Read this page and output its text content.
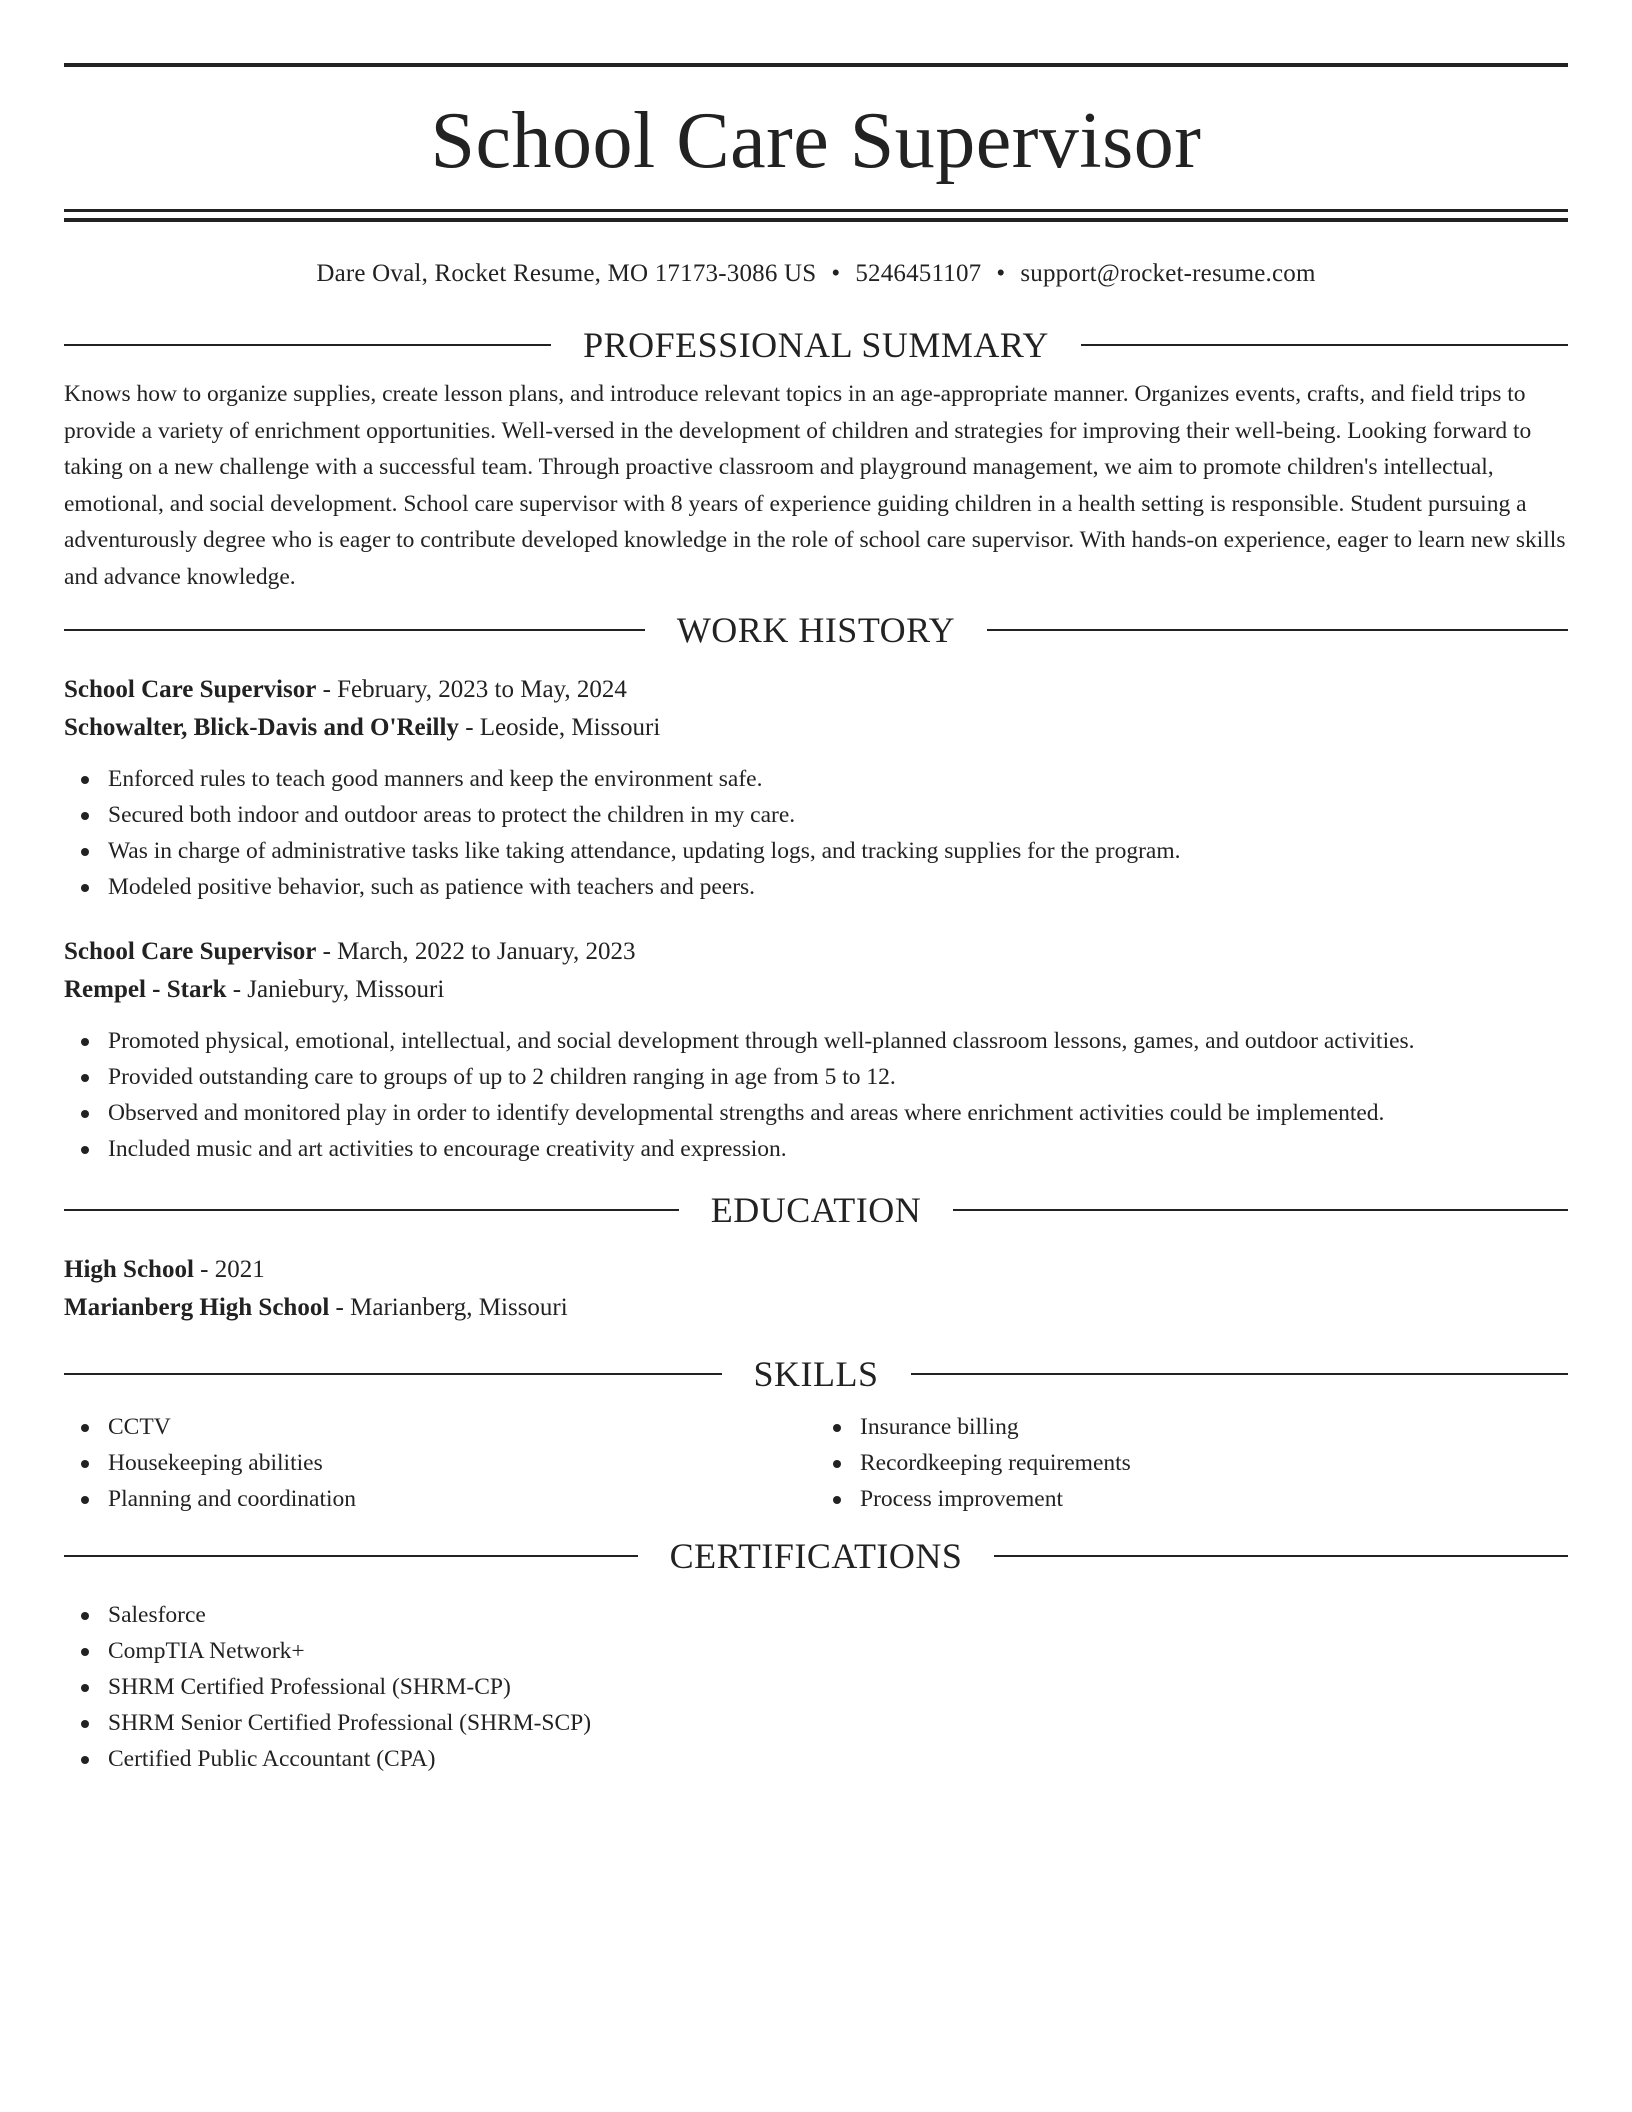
School Care Supervisor
Dare Oval, Rocket Resume, MO 17173-3086 US • 5246451107 • support@rocket-resume.com
PROFESSIONAL SUMMARY
Knows how to organize supplies, create lesson plans, and introduce relevant topics in an age-appropriate manner. Organizes events, crafts, and field trips to provide a variety of enrichment opportunities. Well-versed in the development of children and strategies for improving their well-being. Looking forward to taking on a new challenge with a successful team. Through proactive classroom and playground management, we aim to promote children's intellectual, emotional, and social development. School care supervisor with 8 years of experience guiding children in a health setting is responsible. Student pursuing a adventurously degree who is eager to contribute developed knowledge in the role of school care supervisor. With hands-on experience, eager to learn new skills and advance knowledge.
WORK HISTORY
School Care Supervisor - February, 2023 to May, 2024
Schowalter, Blick-Davis and O'Reilly - Leoside, Missouri
Enforced rules to teach good manners and keep the environment safe.
Secured both indoor and outdoor areas to protect the children in my care.
Was in charge of administrative tasks like taking attendance, updating logs, and tracking supplies for the program.
Modeled positive behavior, such as patience with teachers and peers.
School Care Supervisor - March, 2022 to January, 2023
Rempel - Stark - Janiebury, Missouri
Promoted physical, emotional, intellectual, and social development through well-planned classroom lessons, games, and outdoor activities.
Provided outstanding care to groups of up to 2 children ranging in age from 5 to 12.
Observed and monitored play in order to identify developmental strengths and areas where enrichment activities could be implemented.
Included music and art activities to encourage creativity and expression.
EDUCATION
High School - 2021
Marianberg High School - Marianberg, Missouri
SKILLS
CCTV
Housekeeping abilities
Planning and coordination
Insurance billing
Recordkeeping requirements
Process improvement
CERTIFICATIONS
Salesforce
CompTIA Network+
SHRM Certified Professional (SHRM-CP)
SHRM Senior Certified Professional (SHRM-SCP)
Certified Public Accountant (CPA)
